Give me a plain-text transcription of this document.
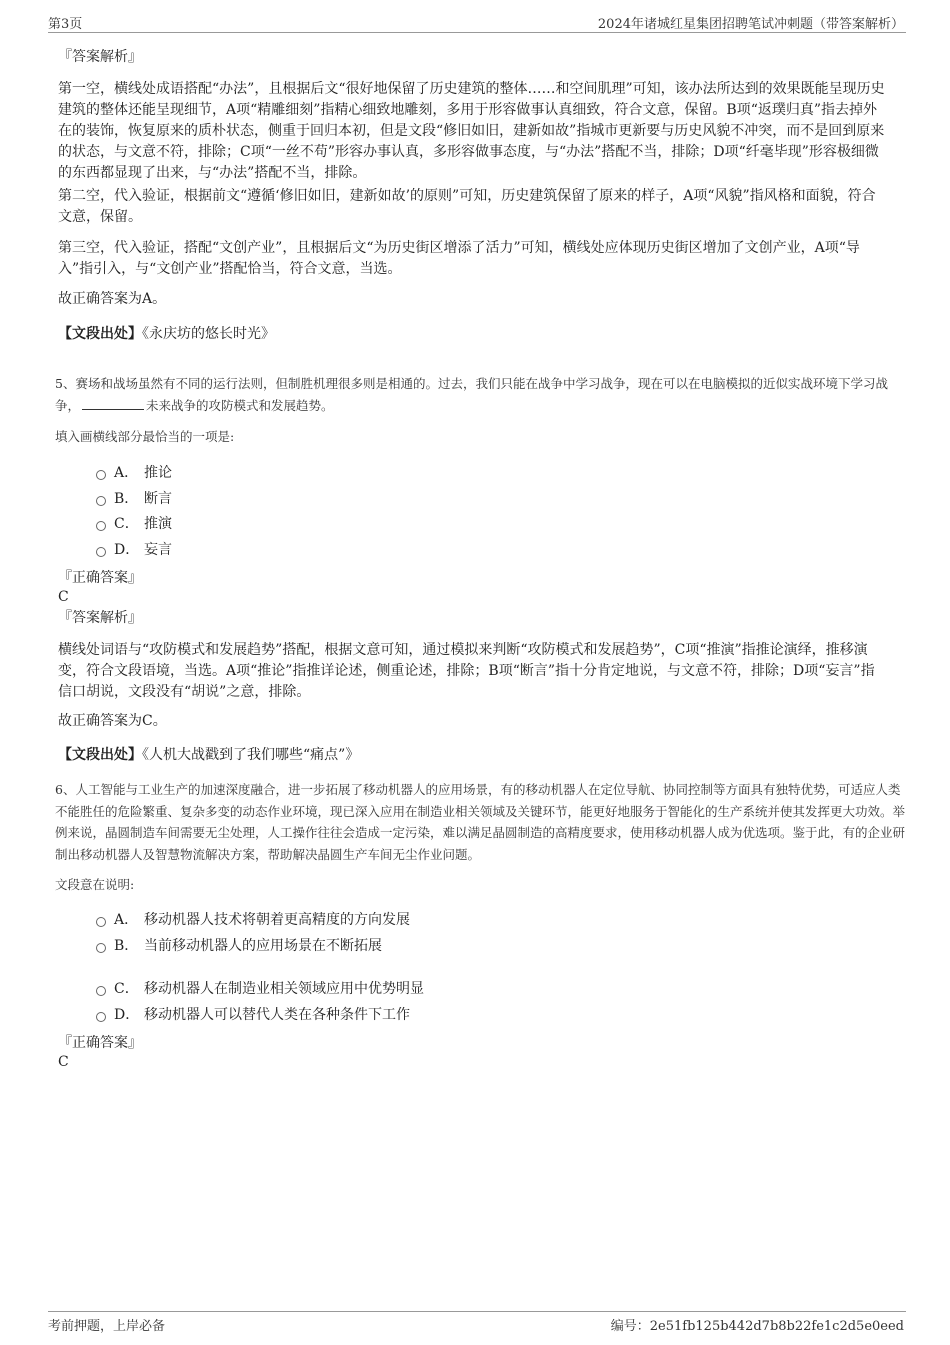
第3页	2024年诸城红星集团招聘笔试冲刺题（带答案解析）
『答案解析』
第一空，横线处成语搭配“办法”，且根据后文“很好地保留了历史建筑的整体……和空间肌理”可知，该办法所达到的效果既能呈现历史建筑的整体还能呈现细节，A项“精雕细刻”指精心细致地雕刻，多用于形容做事认真细致，符合文意，保留。B项“返璞归真”指去掉外在的装饰，恢复原来的质朴状态，侧重于回归本初，但是文段“修旧如旧，建新如故”指城市更新要与历史风貌不冲突，而不是回到原来的状态，与文意不符，排除；C项“一丝不苟”形容办事认真，多形容做事态度，与“办法”搭配不当，排除；D项“纤毫毕现”形容极细微的东西都显现了出来，与“办法”搭配不当，排除。
第二空，代入验证，根据前文“遵循‘修旧如旧，建新如故’的原则”可知，历史建筑保留了原来的样子，A项“风貌”指风格和面貌，符合文意，保留。
第三空，代入验证，搭配“文创产业”，且根据后文“为历史街区增添了活力”可知，横线处应体现历史街区增加了文创产业，A项“导入”指引入，与“文创产业”搭配恰当，符合文意，当选。
故正确答案为A。
【文段出处】《永庆坊的悠长时光》
5、赛场和战场虽然有不同的运行法则，但制胜机理很多则是相通的。过去，我们只能在战争中学习战争，现在可以在电脑模拟的近似实战环境下学习战争，	未来战争的攻防模式和发展趋势。
填入画横线部分最恰当的一项是:
A． 推论
B． 断言
C． 推演
D． 妄言
『正确答案』
C
『答案解析』
横线处词语与“攻防模式和发展趋势”搭配，根据文意可知，通过模拟来判断“攻防模式和发展趋势”，C项“推演”指推论演绎，推移演变，符合文段语境，当选。A项“推论”指推详论述，侧重论述，排除；B项“断言”指十分肯定地说，与文意不符，排除；D项“妄言”指信口胡说，文段没有“胡说”之意，排除。
故正确答案为C。
【文段出处】《人机大战戳到了我们哪些“痛点”》
6、人工智能与工业生产的加速深度融合，进一步拓展了移动机器人的应用场景，有的移动机器人在定位导航、协同控制等方面具有独特优势，可适应人类不能胜任的危险繁重、复杂多变的动态作业环境，现已深入应用在制造业相关领域及关键环节，能更好地服务于智能化的生产系统并使其发挥更大功效。举例来说，晶圆制造车间需要无尘处理，人工操作往往会造成一定污染，难以满足晶圆制造的高精度要求，使用移动机器人成为优选项。鉴于此，有的企业研制出移动机器人及智慧物流解决方案，帮助解决晶圆生产车间无尘作业问题。
文段意在说明:
A． 移动机器人技术将朝着更高精度的方向发展
B． 当前移动机器人的应用场景在不断拓展
C． 移动机器人在制造业相关领域应用中优势明显
D． 移动机器人可以替代人类在各种条件下工作
『正确答案』
C
考前押题，上岸必备	编号：2e51fb125b442d7b8b22fe1c2d5e0eed
